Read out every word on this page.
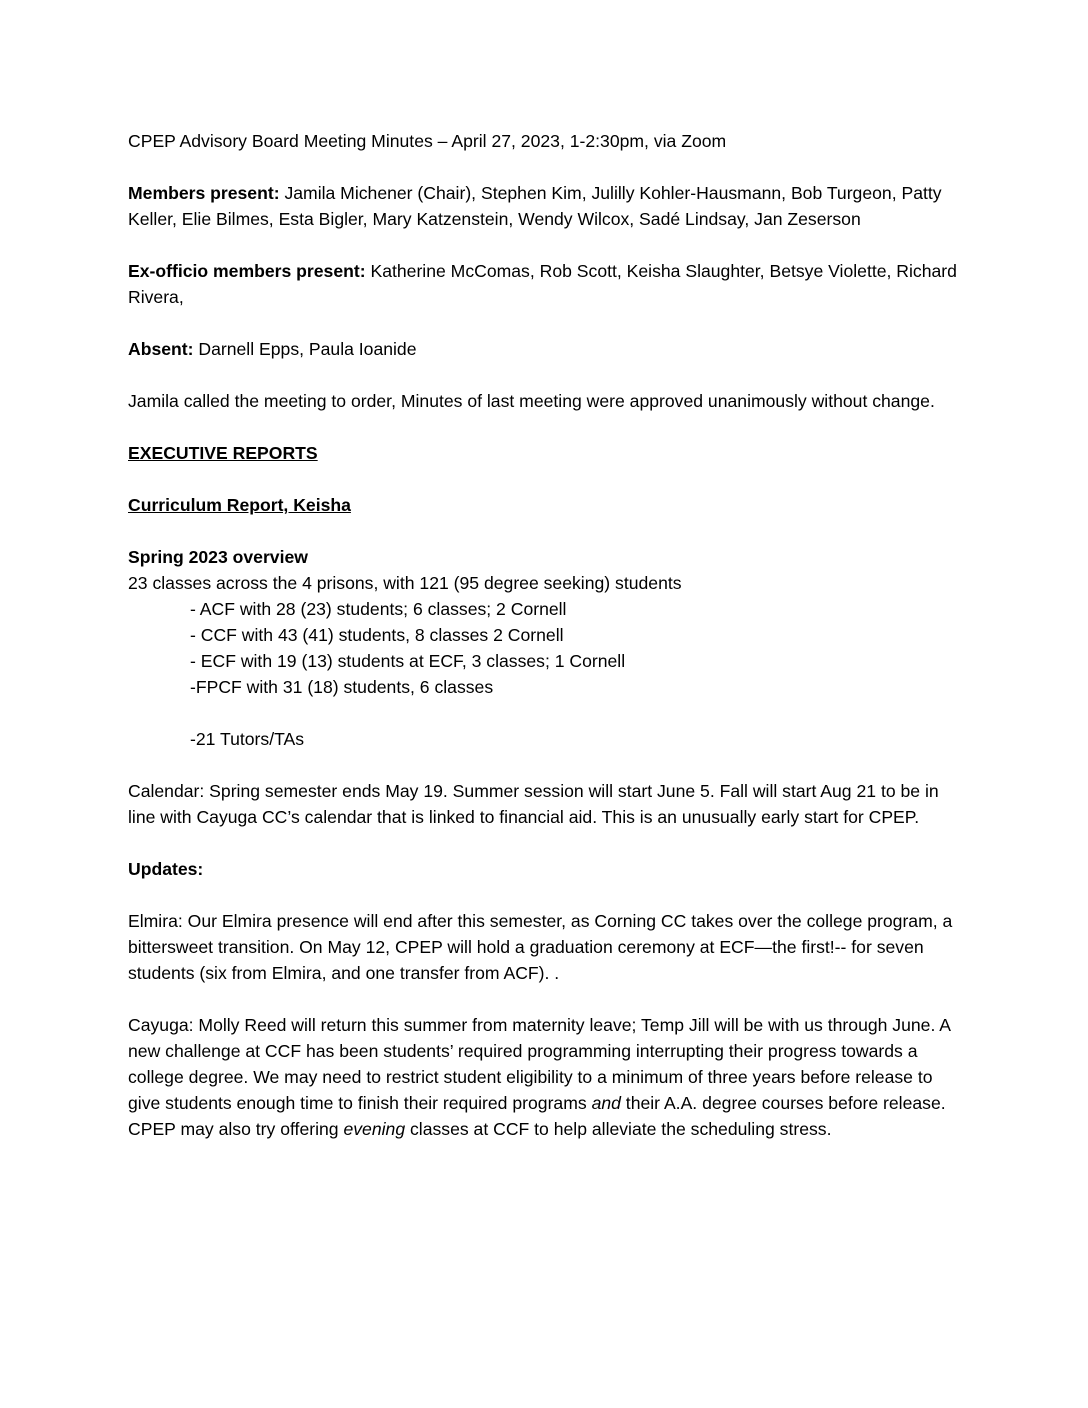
CPEP Advisory Board Meeting Minutes – April 27, 2023, 1-2:30pm, via Zoom

Members present: Jamila Michener (Chair), Stephen Kim, Julilly Kohler-Hausmann, Bob Turgeon, Patty Keller, Elie Bilmes, Esta Bigler, Mary Katzenstein, Wendy Wilcox, Sadé Lindsay, Jan Zeserson

Ex-officio members present: Katherine McComas, Rob Scott, Keisha Slaughter, Betsye Violette, Richard Rivera,

Absent: Darnell Epps, Paula Ioanide

Jamila called the meeting to order, Minutes of last meeting were approved unanimously without change.

EXECUTIVE REPORTS

Curriculum Report, Keisha

Spring 2023 overview

23 classes across the 4 prisons, with 121 (95 degree seeking) students

- ACF with 28 (23) students; 6 classes; 2 Cornell

- CCF with 43 (41) students, 8 classes 2 Cornell

- ECF with 19 (13) students at ECF, 3 classes; 1 Cornell

-FPCF with 31 (18) students, 6 classes

-21 Tutors/TAs

Calendar: Spring semester ends May 19. Summer session will start June 5. Fall will start Aug 21 to be in line with Cayuga CC’s calendar that is linked to financial aid. This is an unusually early start for CPEP.

Updates:

Elmira: Our Elmira presence will end after this semester, as Corning CC takes over the college program, a bittersweet transition. On May 12, CPEP will hold a graduation ceremony at ECF—the first!-- for seven students (six from Elmira, and one transfer from ACF). .

Cayuga: Molly Reed will return this summer from maternity leave; Temp Jill will be with us through June. A new challenge at CCF has been students’ required programming interrupting their progress towards a college degree. We may need to restrict student eligibility to a minimum of three years before release to give students enough time to finish their required programs and their A.A. degree courses before release. CPEP may also try offering evening classes at CCF to help alleviate the scheduling stress.
